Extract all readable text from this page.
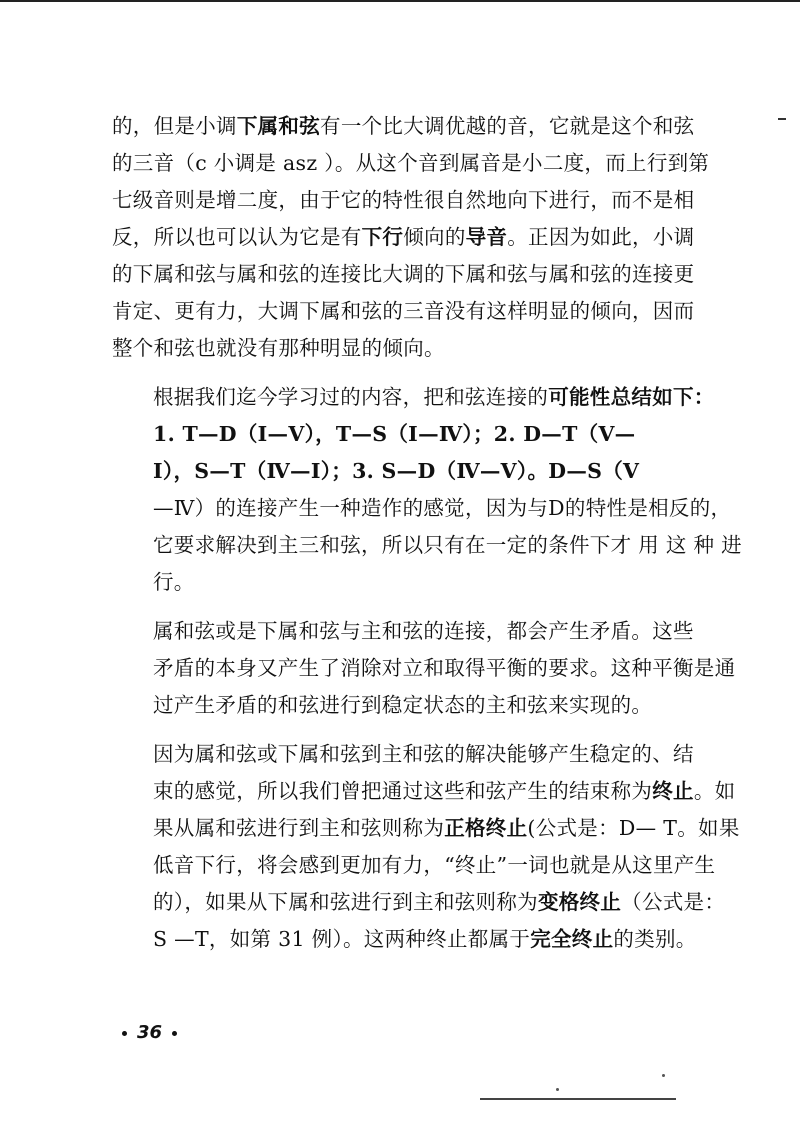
的，但是小调下属和弦有一个比大调优越的音，它就是这个和弦
的三音（c 小调是 asz ）。从这个音到属音是小二度，而上行到第
七级音则是增二度，由于它的特性很自然地向下进行，而不是相
反，所以也可以认为它是有下行倾向的导音。正因为如此，小调
的下属和弦与属和弦的连接比大调的下属和弦与属和弦的连接更
肯定、更有力，大调下属和弦的三音没有这样明显的倾向，因而
整个和弦也就没有那种明显的倾向。

根据我们迄今学习过的内容，把和弦连接的可能性总结如下：
1. T—D（Ⅰ—Ⅴ），T—S（Ⅰ—Ⅳ）；2. D—T（Ⅴ—
Ⅰ），S—T（Ⅳ—Ⅰ）；3. S—D（Ⅳ—Ⅴ）。D—S（Ⅴ
—Ⅳ）的连接产生一种造作的感觉，因为与D的特性是相反的，
它要求解决到主三和弦，所以只有在一定的条件下才 用 这 种 进
行。

属和弦或是下属和弦与主和弦的连接，都会产生矛盾。这些
矛盾的本身又产生了消除对立和取得平衡的要求。这种平衡是通
过产生矛盾的和弦进行到稳定状态的主和弦来实现的。

因为属和弦或下属和弦到主和弦的解决能够产生稳定的、结
束的感觉，所以我们曾把通过这些和弦产生的结束称为终止。如
果从属和弦进行到主和弦则称为正格终止(公式是：D— T。如果
低音下行，将会感到更加有力，“终止”一词也就是从这里产生
的），如果从下属和弦进行到主和弦则称为变格终止（公式是：
S —T，如第 31 例）。这两种终止都属于完全终止的类别。

36
